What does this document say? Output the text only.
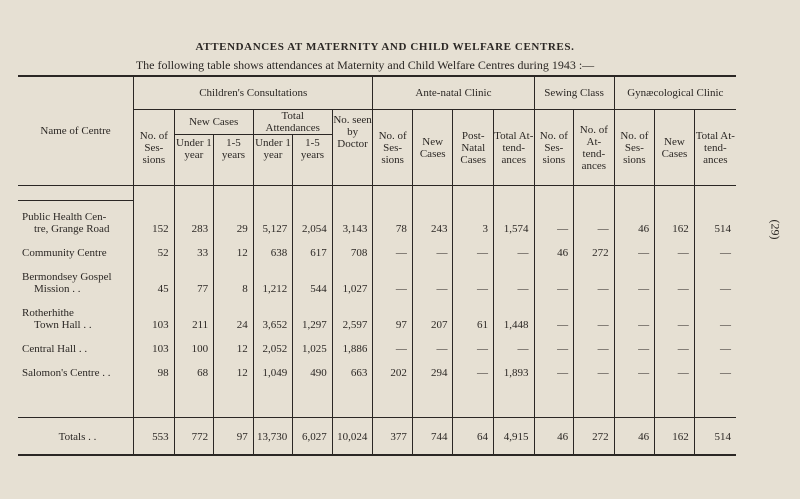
ATTENDANCES AT MATERNITY AND CHILD WELFARE CENTRES.
The following table shows attendances at Maternity and Child Welfare Centres during 1943 :—
(29)
Name of Centre	Children's Consultations						Ante-natal Clinic				Sewing Class		Gynæcological Clinic		
	No. of Ses- sions	New Cases		Total Attendances		No. seen by Doctor	No. of Ses- sions	New Cases	Post- Natal Cases	Total At- tend- ances	No. of Ses- sions	No. of At- tend- ances	No. of Ses- sions	New Cases	Total At- tend- ances
		Under 1 year	1-5 years	Under 1 year	1-5 years										

Public Health Cen-
tre, Grange Road	152	283	29	5,127	2,054	3,143	78	243	3	1,574	—	—	46	162	514

Community Centre	52	33	12	638	617	708	—	—	—	—	46	272	—	—	—

Bermondsey Gospel
Mission . .	45	77	8	1,212	544	1,027	—	—	—	—	—	—	—	—	—

Rotherhithe
Town Hall . .	103	211	24	3,652	1,297	2,597	97	207	61	1,448	—	—	—	—	—

Central Hall . .	103	100	12	2,052	1,025	1,886	—	—	—	—	—	—	—	—	—

Salomon's Centre . .	98	68	12	1,049	490	663	202	294	—	1,893	—	—	—	—	—

Totals . .	553	772	97	13,730	6,027	10,024	377	744	64	4,915	46	272	46	162	514
